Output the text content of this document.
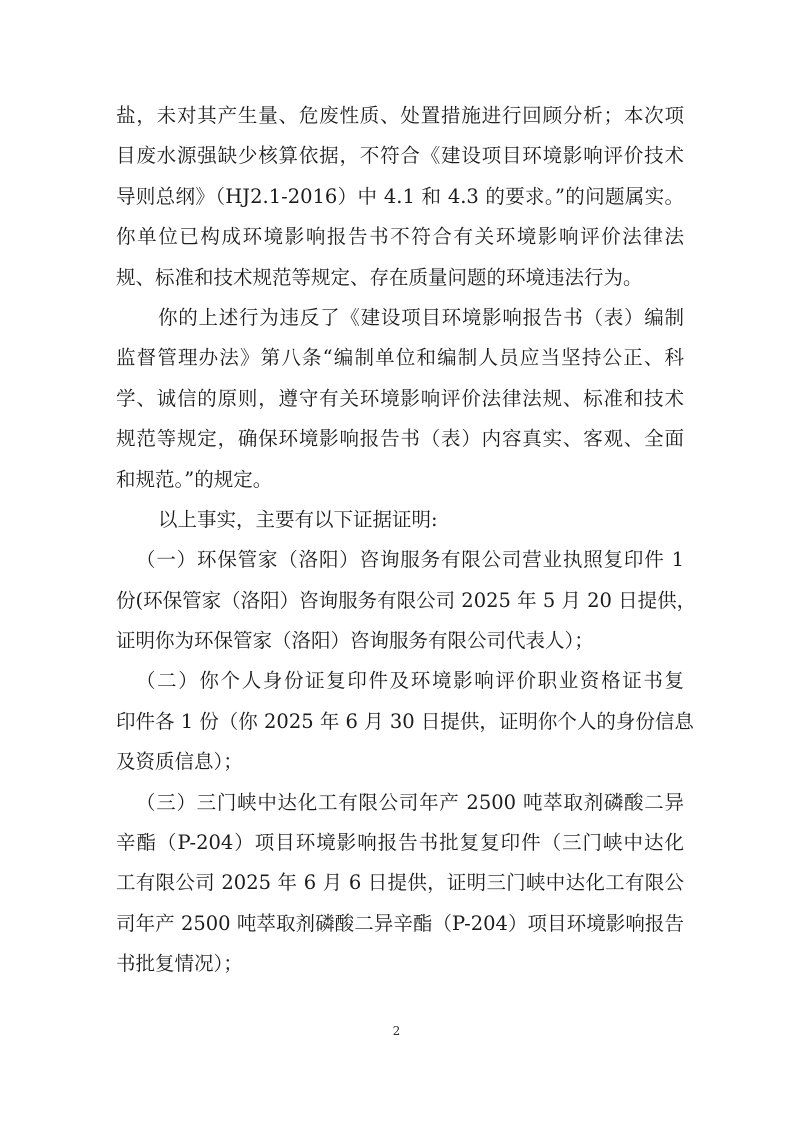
盐，未对其产生量、危废性质、处置措施进行回顾分析；本次项
目废水源强缺少核算依据，不符合《建设项目环境影响评价技术
导则总纲》（HJ2.1-2016）中 4.1 和 4.3 的要求。”的问题属实。
你单位已构成环境影响报告书不符合有关环境影响评价法律法
规、标准和技术规范等规定、存在质量问题的环境违法行为。
你的上述行为违反了《建设项目环境影响报告书（表）编制
监督管理办法》第八条“编制单位和编制人员应当坚持公正、科
学、诚信的原则，遵守有关环境影响评价法律法规、标准和技术
规范等规定，确保环境影响报告书（表）内容真实、客观、全面
和规范。”的规定。
以上事实，主要有以下证据证明:
（一）环保管家（洛阳）咨询服务有限公司营业执照复印件 1
份(环保管家（洛阳）咨询服务有限公司 2025 年 5 月 20 日提供，
证明你为环保管家（洛阳）咨询服务有限公司代表人）；
（二）你个人身份证复印件及环境影响评价职业资格证书复
印件各 1 份（你 2025 年 6 月 30 日提供，证明你个人的身份信息
及资质信息）；
（三）三门峡中达化工有限公司年产 2500 吨萃取剂磷酸二异
辛酯（P-204）项目环境影响报告书批复复印件（三门峡中达化
工有限公司 2025 年 6 月 6 日提供，证明三门峡中达化工有限公
司年产 2500 吨萃取剂磷酸二异辛酯（P-204）项目环境影响报告
书批复情况）；
2
